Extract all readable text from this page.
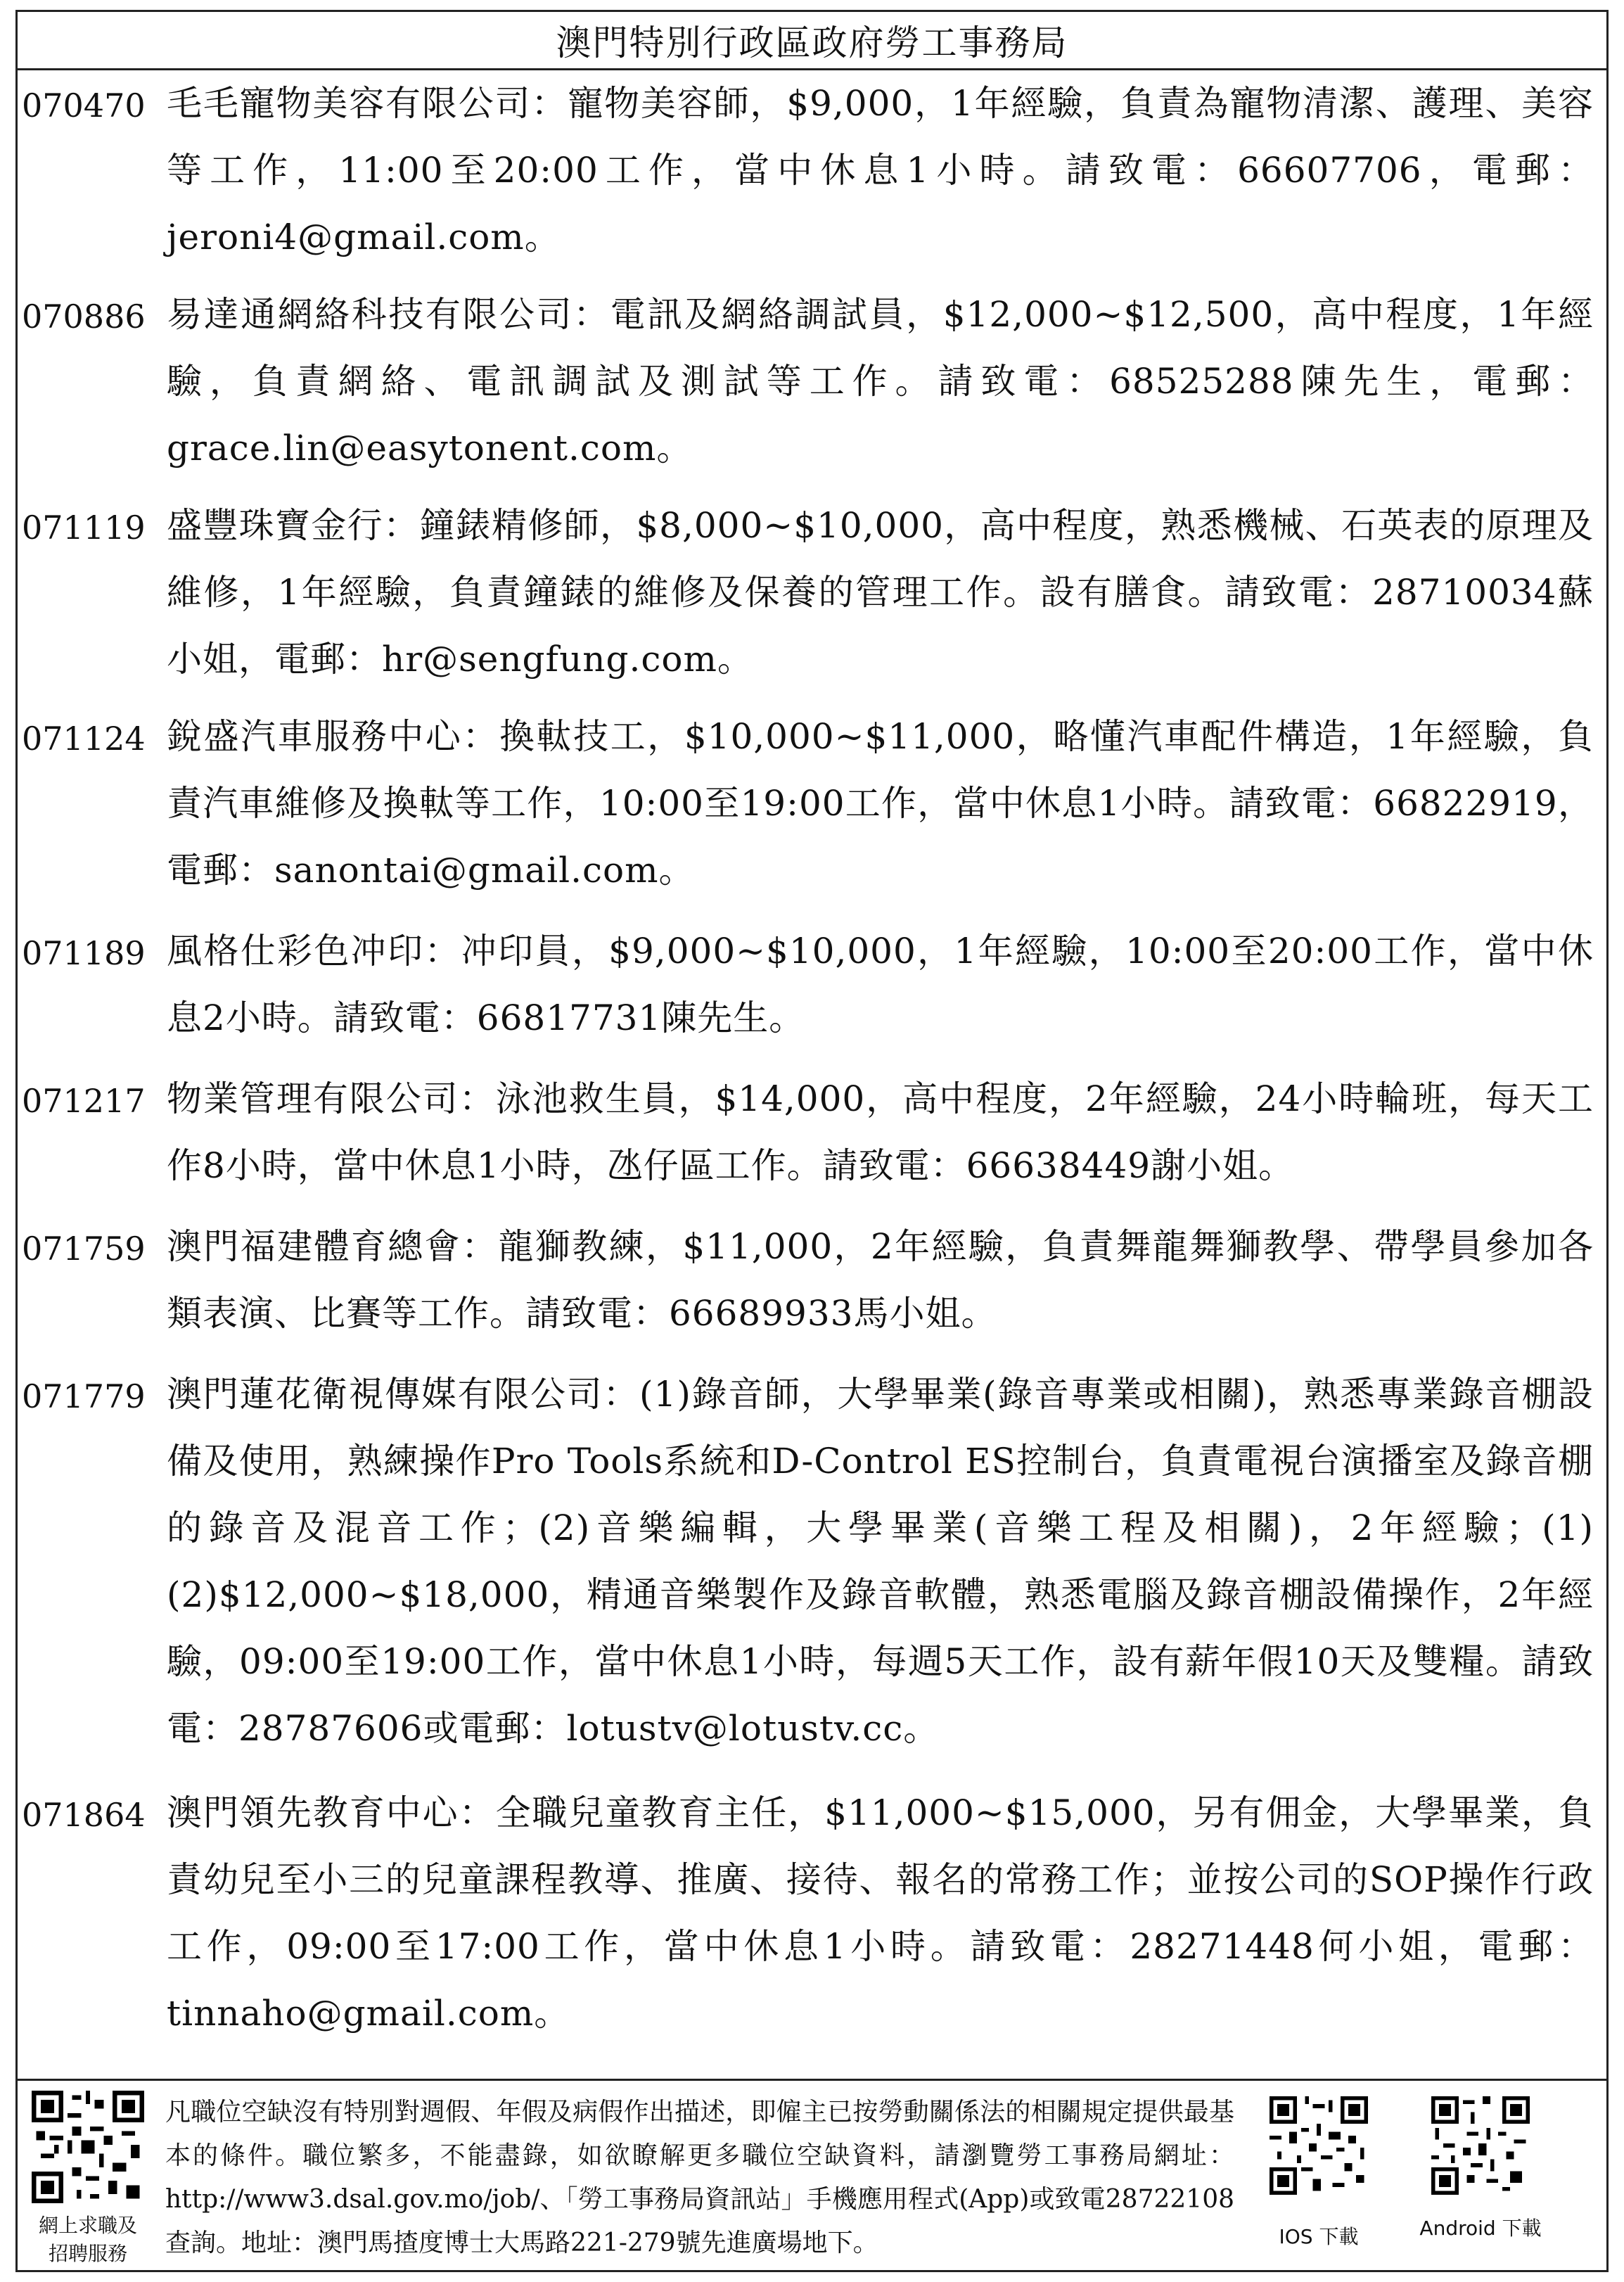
澳門特別行政區政府勞工事務局
070470 毛毛寵物美容有限公司：寵物美容師，$9,000，1年經驗，負責為寵物清潔、護理、美容等工作，11:00至20:00工作，當中休息1小時。請致電：66607706，電郵：jeroni4@gmail.com。
070886 易達通網絡科技有限公司：電訊及網絡調試員，$12,000~$12,500，高中程度，1年經驗，負責網絡、電訊調試及測試等工作。請致電：68525288陳先生，電郵：grace.lin@easytonent.com。
071119 盛豐珠寶金行：鐘錶精修師，$8,000~$10,000，高中程度，熟悉機械、石英表的原理及維修，1年經驗，負責鐘錶的維修及保養的管理工作。設有膳食。請致電：28710034蘇小姐，電郵：hr@sengfung.com。
071124 銳盛汽車服務中心：換軚技工，$10,000~$11,000，略懂汽車配件構造，1年經驗，負責汽車維修及換軚等工作，10:00至19:00工作，當中休息1小時。請致電：66822919，電郵：sanontai@gmail.com。
071189 風格仕彩色冲印：冲印員，$9,000~$10,000，1年經驗，10:00至20:00工作，當中休息2小時。請致電：66817731陳先生。
071217 物業管理有限公司：泳池救生員，$14,000，高中程度，2年經驗，24小時輪班，每天工作8小時，當中休息1小時，氹仔區工作。請致電：66638449謝小姐。
071759 澳門福建體育總會：龍獅教練，$11,000，2年經驗，負責舞龍舞獅教學、帶學員參加各類表演、比賽等工作。請致電：66689933馬小姐。
071779 澳門蓮花衛視傳媒有限公司：(1)錄音師，大學畢業(錄音專業或相關)，熟悉專業錄音棚設備及使用，熟練操作Pro Tools系統和D-Control ES控制台，負責電視台演播室及錄音棚的錄音及混音工作；(2)音樂編輯，大學畢業(音樂工程及相關)，2年經驗；(1)(2)$12,000~$18,000，精通音樂製作及錄音軟體，熟悉電腦及錄音棚設備操作，2年經驗，09:00至19:00工作，當中休息1小時，每週5天工作，設有薪年假10天及雙糧。請致電：28787606或電郵：lotustv@lotustv.cc。
071864 澳門領先教育中心：全職兒童教育主任，$11,000~$15,000，另有佣金，大學畢業，負責幼兒至小三的兒童課程教導、推廣、接待、報名的常務工作；並按公司的SOP操作行政工作，09:00至17:00工作，當中休息1小時。請致電：28271448何小姐，電郵：tinnaho@gmail.com。
網上求職及
招聘服務
凡職位空缺沒有特別對週假、年假及病假作出描述，即僱主已按勞動關係法的相關規定提供最基本的條件。職位繁多，不能盡錄，如欲瞭解更多職位空缺資料，請瀏覽勞工事務局網址：http://www3.dsal.gov.mo/job/、「勞工事務局資訊站」手機應用程式(App)或致電28722108查詢。地址：澳門馬揸度博士大馬路221-279號先進廣場地下。	IOS 下載	Android 下載
